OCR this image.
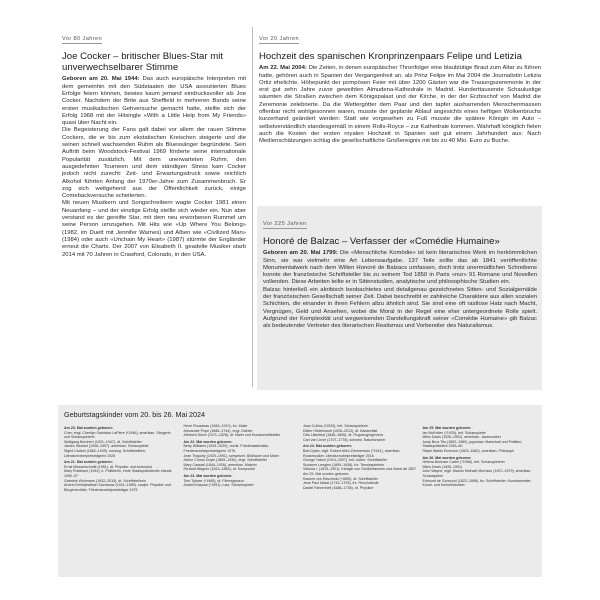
Vor 80 Jahren
Joe Cocker – britischer Blues-Star mit unverwechselbarer Stimme

Geboren am 20. Mai 1944: Das auch europäische Interpreten mit dem gemeinhin mit den Südstaaten der USA assoziierten Blues Erfolge feiern können, bewies kaum jemand eindrucksvoller als Joe Cocker. Nachdem der Brite aus Sheffield in mehreren Bands seine ersten musikalischen Gehversuche gemacht hatte, stellte sich der Erfolg 1968 mit der Hitsingle «With a Little Help from My Friends» quasi über Nacht ein.

Die Begeisterung der Fans galt dabei vor allem der rauen Stimme Cockers, die er bis zum ekstatischen Kreischen steigerte und die seinen schnell wachsenden Ruhm als Bluessänger begründete. Sein Auftritt beim Woodstock-Festival 1969 förderte seine internationale Popularität zusätzlich. Mit dem unerwarteten Ruhm, den ausgedehnten Tourneen und dem ständigen Stress kam Cocker jedoch nicht zurecht: Zeit- und Erwartungsdruck sowie reichlich Alkohol führten Anfang der 1970er-Jahre zum Zusammenbruch. Er zog sich weitgehend aus der Öffentlichkeit zurück, einige Comebackversuche scheiterten.

Mit neuen Musikern und Songschreibern wagte Cocker 1981 einen Neuanfang – und der einstige Erfolg stellte sich wieder ein. Nun aber verstand es der gereifte Star, mit dem neu erworbenen Rummel um seine Person umzugehen. Mit Hits wie «Up Where You Belong» (1982, im Duett mit Jennifer Warnes) und Alben wie «Civilized Man» (1984) oder auch «Unchain My Heart» (1987) stürmte der Engländer erneut die Charts. Der 2007 von Elisabeth II. geadelte Musiker starb 2014 mit 70 Jahren in Crawford, Colorado, in den USA.

Vor 20 Jahren
Hochzeit des spanischen Kronprinzenpaars Felipe und Letizia

Am 22. Mai 2004: Die Zeiten, in denen europäischer Thronfolger eine blaublütige Braut zum Altar zu führen hatte, gehören auch in Spanien der Vergangenheit an, als Prinz Felipe im Mai 2004 die Journalistin Letizia Ortiz ehelichte. Höhepunkt der pompösen Feier mit über 1200 Gästen war die Trauungszeremonie in der erst gut zehn Jahre zuvor geweihten Almudena-Kathedrale in Madrid. Hunderttausende Schaulustige säumten die Straßen zwischen dem Königspalast und der Kirche, in der der Erzbischof von Madrid die Zeremonie zelebrierte. Da die Wettergötter dem Paar und den tapfer ausharrenden Menschenmassen offenbar nicht wohlgesonnen waren, musste der geplante Ablauf angesichts eines heftigen Wolkenbruchs kurzerhand geändert werden: Statt wie vorgesehen zu Fuß musste die spätere Königin im Auto – selbstverständlich standesgemäß in einem Rolls-Royce – zur Kathedrale kommen. Wahrhaft königlich fielen auch die Kosten der ersten royalen Hochzeit in Spanien seit gut einem Jahrhundert aus: Nach Medienschätzungen schlug die gesellschaftliche Großereignis mit bis zu 40 Mio. Euro zu Buche.

Vor 225 Jahren
Honoré de Balzac – Verfasser der «Comédie Humaine»

Geboren am 20. Mai 1799: Die «Menschliche Komödie» ist kein literarisches Werk im herkömmlichen Sinn, sie war vielmehr eine Art Lebensaufgabe. 137 Teile sollte das ab 1841 veröffentlichte Monumentalwerk nach dem Willen Honoré de Balzacs umfassen, doch trotz unermüdlichen Schreibens konnte der französische Schriftsteller bis zu seinem Tod 1850 in Paris «nur» 91 Romane und Novellen vollenden. Diese Arbeiten teilte er in Sittenstudien, analytische und philosophische Studien ein.

Balzac hinterließ ein akribisch beobachtetes und detailgenau gezeichnetes Sitten- und Sozialgemälde der französischen Gesellschaft seiner Zeit. Dabei beschreibt er zahlreiche Charaktere aus allen sozialen Schichten, die einander in ihren Fehlern allzu ähnlich sind. Sie sind eine oft rastlose Hatz nach Macht, Vergnügen, Geld und Ansehen, wobei die Moral in der Regel eine eher untergeordnete Rolle spielt. Aufgrund der Komplexität und wegweisenden Darstellungskraft seiner «Comédie Humaine» gilt Balzac als bedeutender Vertreter des literarischen Realismus und Vorbereiter des Naturalismus.

Geburtstagskinder vom 20. bis 26. Mai 2024
Am 20. Mai wurden geboren:
Cher, engl. Cherilyn Sarkisian LaPiere (*1946), amerikan. Sängerin und Schauspielerin
Wolfgang Borchert (1921–1947), dt. Schriftsteller
James Stewart (1908–1997), amerikan. Schauspieler
Sigrid Undset (1882–1949), norweg. Schriftstellerin, Literaturnobelpreisträgerin 1928
Am 21. Mai wurden geboren:
Ernst Messerschmitt (1951), dt. Physiker und Astronaut
Mary Robinson (1944), ir. Politikerin, erste Staatspräsidentin Irlands 1990–97
Gabriele Wohmann (1932–2015), dt. Schriftstellerin
Andrei Dmitrijewitsch Sacharow (1921–1989), sowjet. Physiker und Bürgerrechtler, Friedensnobelpreisträger 1975
Henri Rousseau (1844–1910), frz. Maler
Alexander Pope (1688–1744), engl. Dichter
Albrecht Dürer (1471–1528), dt. Maler und Kunstschriftsteller
Am 22. Mai wurden geboren:
Betty Williams (1943–2020), nordir. Friedensaktivistin, Friedensnobelpreisträgerin 1976
Jean Tinguely (1925–1991), schweizer. Bildhauer und Maler
Arthur Conan Doyle (1859–1930), engl. Schriftsteller
Mary Cassatt (1844–1926), amerikan. Malerin
Richard Wagner (1813–1883), dt. Komponist
Am 23. Mai wurden geboren:
Tom Tykwer (*1965), dt. Filmregisseur
Anatoli Karpow (*1951), russ. Schachspieler
Joan Collins (*1933), brit. Schauspielerin
Didier Hildebrandt (1926–2013), dt. Kabarettist
Otto Lilienthal (1848–1896), dt. Flugzeugingenieur
Carl von Linné (1707–1778), schwed. Naturforscher
Am 24. Mai wurden geboren:
Bob Dylan, eigtl. Robert Allen Zimmerman (*1941), amerikan. Rockmusiker, Literaturnobelpreisträger 2016
George Tabori (1914–2007), brit.-österr. Schriftsteller
Suzanne Lenglen (1899–1938), frz. Tennisspielerin
Viktoria I. (1819–1901), Königin von Großbritannien und Irland ab 1837
Am 25. Mai wurden geboren:
Kasimir von Edschmid (*1890), dt. Schriftsteller
Jean Paul Marat (1743–1793), frz. Revolutionär
Daniel Fahrenheit (1686–1736), dt. Physiker
Am 25. Mai wurden geboren:
Ian McKellen (*1939), brit. Schauspieler
Miles Davis (1926–1991), amerikan. Jazzmusiker
Josip Broz Tito (1892–1980), jugoslaw. Marschall und Politiker, Staatspräsident 1953–80
Ralph Waldo Emerson (1803–1882), amerikan. Philosoph
Am 26. Mai wurden geboren:
Helena Bonham Carter (*1966), brit. Schauspielerin
Miles Davis (1926–1991)
John Wayne, eigtl. Marion Michael Morrison (1907–1979), amerikan. Schauspieler
Edmond de Goncourt (1822–1896), frz. Schriftsteller, Kunstsammler, Kunst- und Kulturhistoriker
